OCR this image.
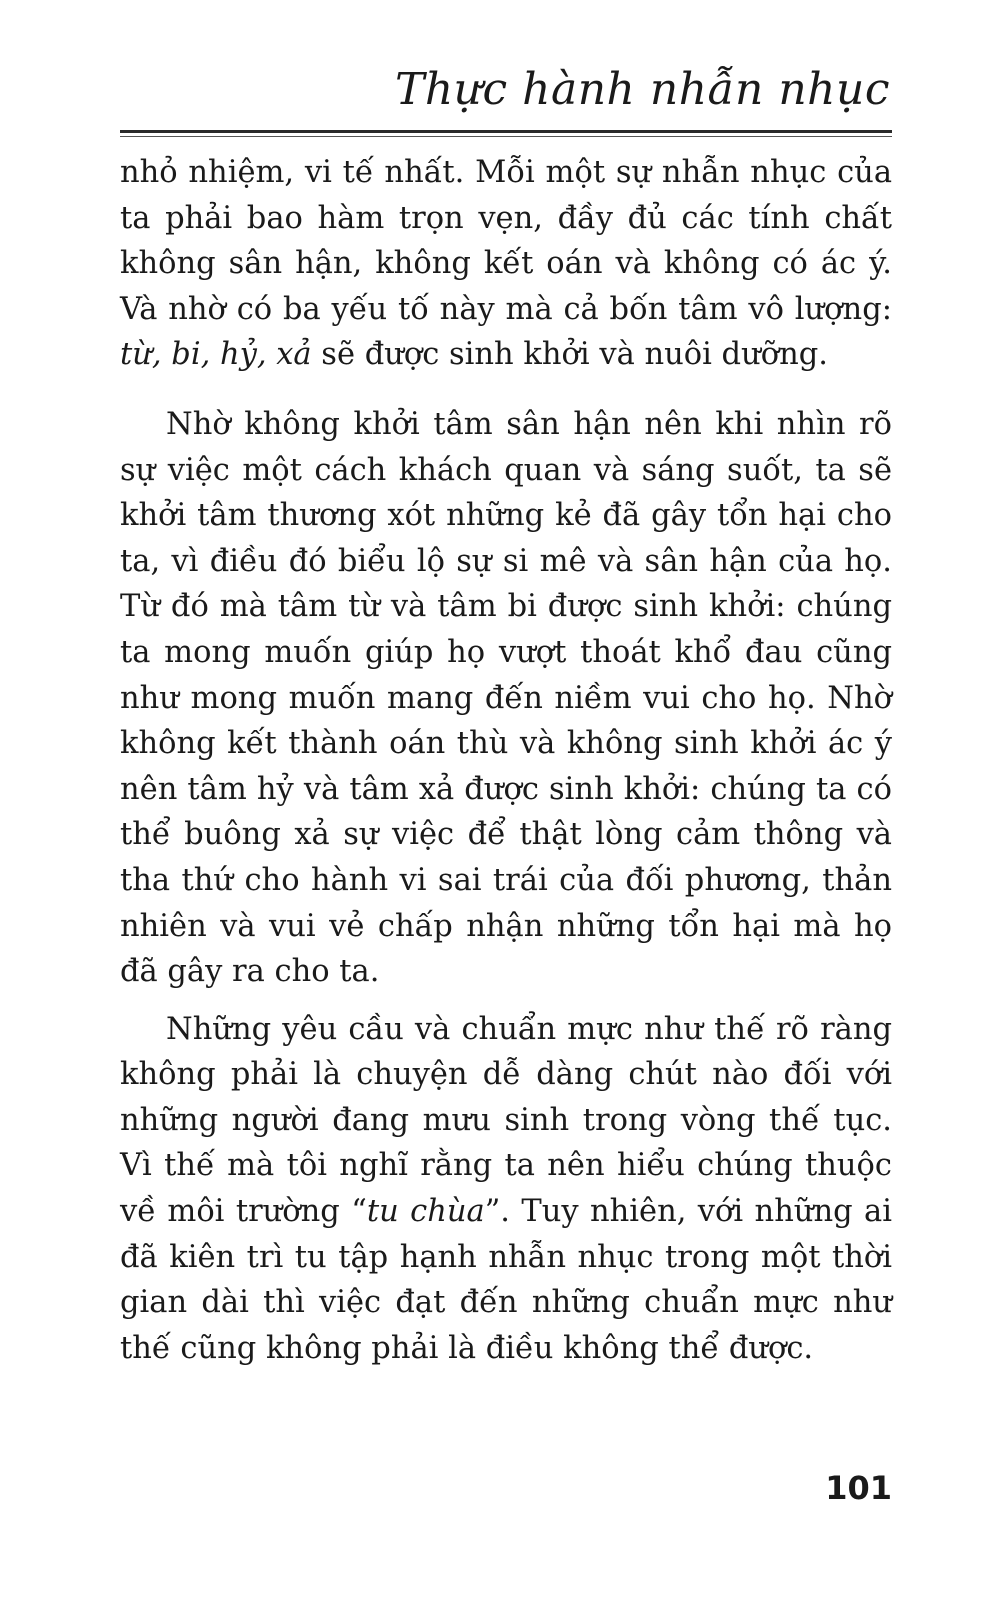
Thực hành nhẫn nhục

nhỏ nhiệm, vi tế nhất. Mỗi một sự nhẫn nhục của ta phải bao hàm trọn vẹn, đầy đủ các tính chất không sân hận, không kết oán và không có ác ý. Và nhờ có ba yếu tố này mà cả bốn tâm vô lượng: từ, bi, hỷ, xả sẽ được sinh khởi và nuôi dưỡng.

Nhờ không khởi tâm sân hận nên khi nhìn rõ sự việc một cách khách quan và sáng suốt, ta sẽ khởi tâm thương xót những kẻ đã gây tổn hại cho ta, vì điều đó biểu lộ sự si mê và sân hận của họ. Từ đó mà tâm từ và tâm bi được sinh khởi: chúng ta mong muốn giúp họ vượt thoát khổ đau cũng như mong muốn mang đến niềm vui cho họ. Nhờ không kết thành oán thù và không sinh khởi ác ý nên tâm hỷ và tâm xả được sinh khởi: chúng ta có thể buông xả sự việc để thật lòng cảm thông và tha thứ cho hành vi sai trái của đối phương, thản nhiên và vui vẻ chấp nhận những tổn hại mà họ đã gây ra cho ta.

Những yêu cầu và chuẩn mực như thế rõ ràng không phải là chuyện dễ dàng chút nào đối với những người đang mưu sinh trong vòng thế tục. Vì thế mà tôi nghĩ rằng ta nên hiểu chúng thuộc về môi trường “tu chùa”. Tuy nhiên, với những ai đã kiên trì tu tập hạnh nhẫn nhục trong một thời gian dài thì việc đạt đến những chuẩn mực như thế cũng không phải là điều không thể được.

101
